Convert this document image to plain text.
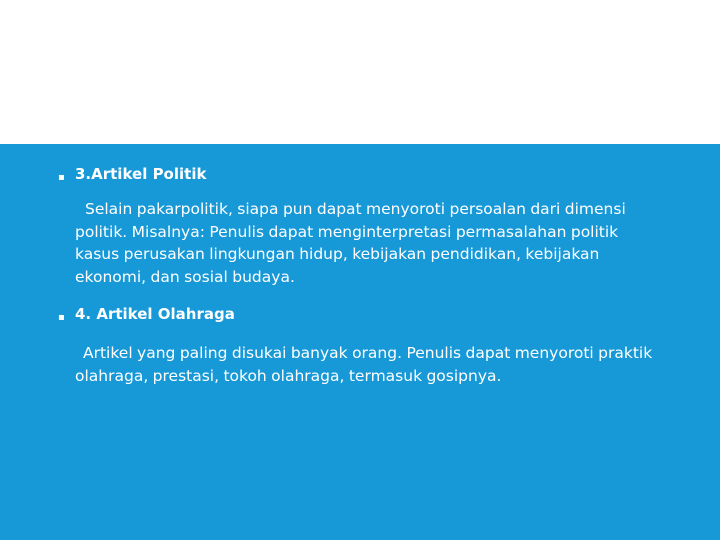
▪ 3.Artikel Politik

Selain pakarpolitik, siapa pun dapat menyoroti persoalan dari dimensi politik. Misalnya: Penulis dapat menginterpretasi permasalahan politik kasus perusakan lingkungan hidup, kebijakan pendidikan, kebijakan ekonomi, dan sosial budaya.

▪ 4. Artikel Olahraga

Artikel yang paling disukai banyak orang. Penulis dapat menyoroti praktik olahraga, prestasi, tokoh olahraga, termasuk gosipnya.
